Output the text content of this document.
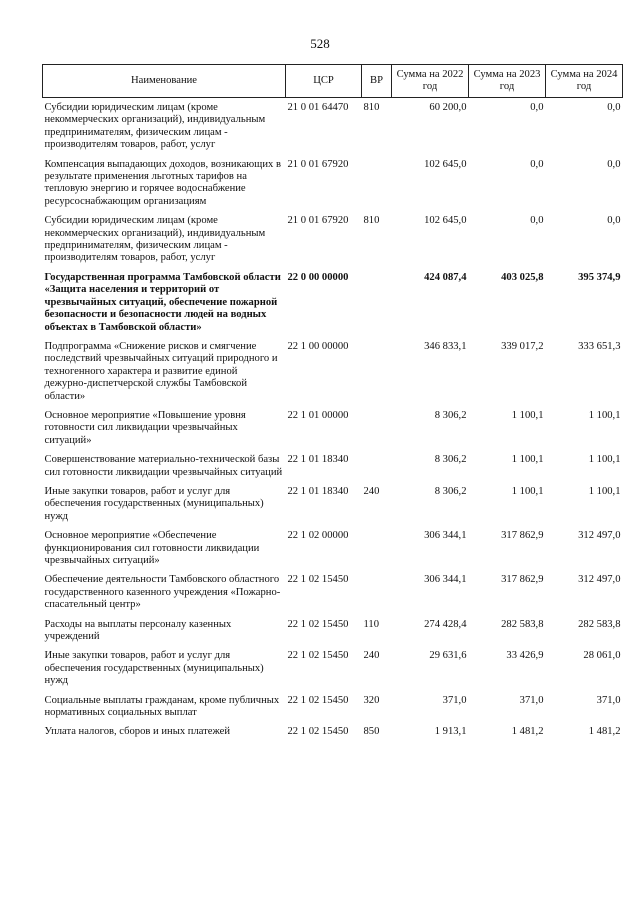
528
Наименование	ЦСР	ВР	Сумма на 2022 год	Сумма на 2023 год	Сумма на 2024 год
Субсидии юридическим лицам (кроме некоммерческих организаций), индивидуальным предпринимателям, физическим лицам - производителям товаров, работ, услуг	21 0 01 64470	810	60 200,0	0,0	0,0
Компенсация выпадающих доходов, возникающих в результате применения льготных тарифов на тепловую энергию и горячее водоснабжение ресурсоснабжающим организациям	21 0 01 67920		102 645,0	0,0	0,0
Субсидии юридическим лицам (кроме некоммерческих организаций), индивидуальным предпринимателям, физическим лицам - производителям товаров, работ, услуг	21 0 01 67920	810	102 645,0	0,0	0,0
Государственная программа Тамбовской области «Защита населения и территорий от чрезвычайных ситуаций, обеспечение пожарной безопасности и безопасности людей на водных объектах в Тамбовской области»	22 0 00 00000		424 087,4	403 025,8	395 374,9
Подпрограмма «Снижение рисков и смягчение последствий чрезвычайных ситуаций природного и техногенного характера и развитие единой дежурно-диспетчерской службы Тамбовской области»	22 1 00 00000		346 833,1	339 017,2	333 651,3
Основное мероприятие «Повышение уровня готовности сил ликвидации чрезвычайных ситуаций»	22 1 01 00000		8 306,2	1 100,1	1 100,1
Совершенствование материально-технической базы сил готовности ликвидации чрезвычайных ситуаций	22 1 01 18340		8 306,2	1 100,1	1 100,1
Иные закупки товаров, работ и услуг для обеспечения государственных (муниципальных) нужд	22 1 01 18340	240	8 306,2	1 100,1	1 100,1
Основное мероприятие «Обеспечение функционирования сил готовности ликвидации чрезвычайных ситуаций»	22 1 02 00000		306 344,1	317 862,9	312 497,0
Обеспечение деятельности Тамбовского областного государственного казенного учреждения «Пожарно-спасательный центр»	22 1 02 15450		306 344,1	317 862,9	312 497,0
Расходы на выплаты персоналу казенных учреждений	22 1 02 15450	110	274 428,4	282 583,8	282 583,8
Иные закупки товаров, работ и услуг для обеспечения государственных (муниципальных) нужд	22 1 02 15450	240	29 631,6	33 426,9	28 061,0
Социальные выплаты гражданам, кроме публичных нормативных социальных выплат	22 1 02 15450	320	371,0	371,0	371,0
Уплата налогов, сборов и иных платежей	22 1 02 15450	850	1 913,1	1 481,2	1 481,2
